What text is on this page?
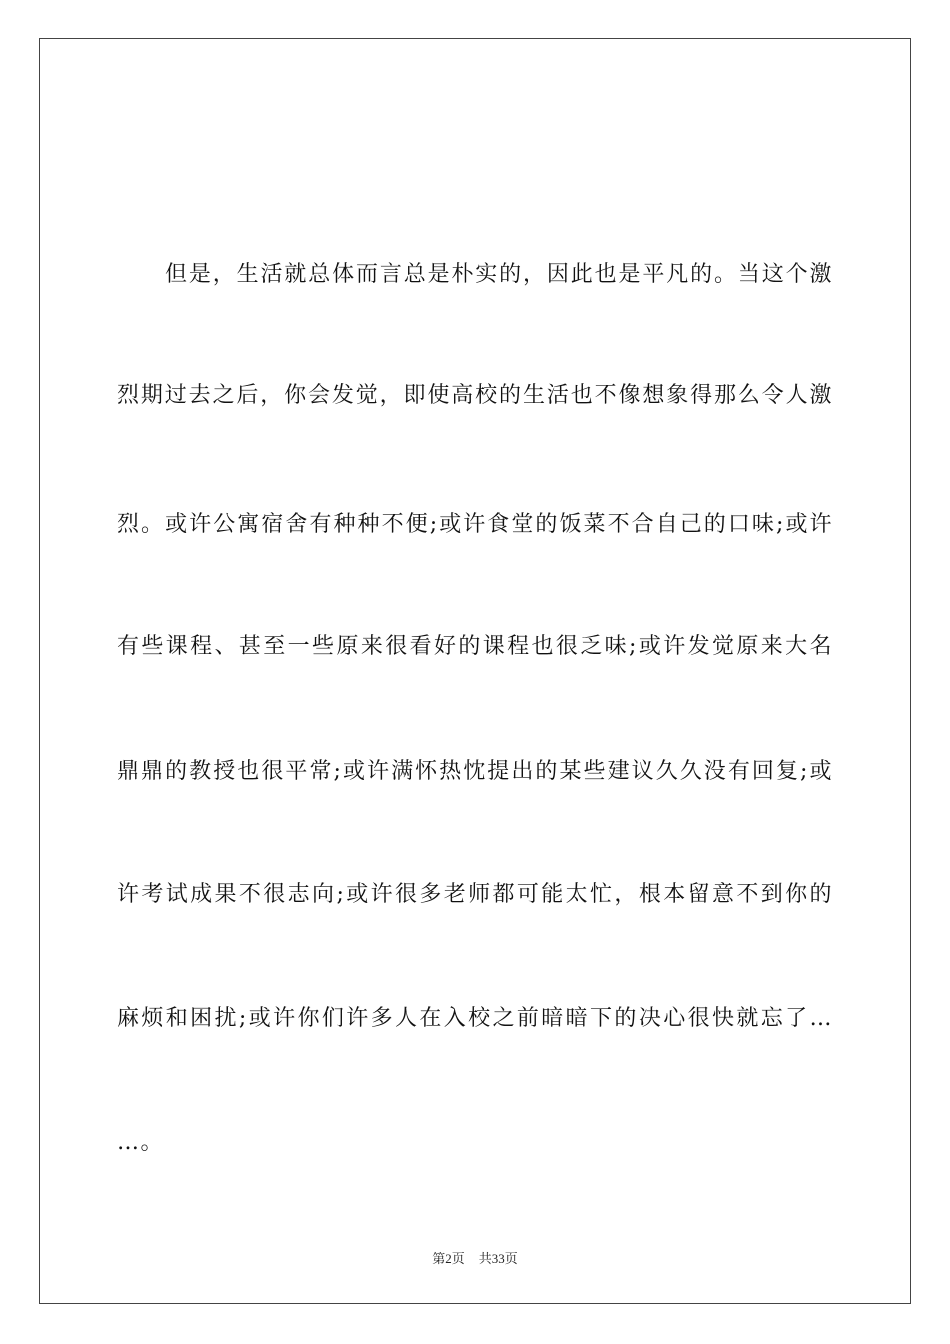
但是，生活就总体而言总是朴实的，因此也是平凡的。当这个激
烈期过去之后，你会发觉，即使高校的生活也不像想象得那么令人激
烈。或许公寓宿舍有种种不便;或许食堂的饭菜不合自己的口味;或许
有些课程、甚至一些原来很看好的课程也很乏味;或许发觉原来大名
鼎鼎的教授也很平常;或许满怀热忱提出的某些建议久久没有回复;或
许考试成果不很志向;或许很多老师都可能太忙，根本留意不到你的
麻烦和困扰;或许你们许多人在入校之前暗暗下的决心很快就忘了…
…。
第2页 共33页
